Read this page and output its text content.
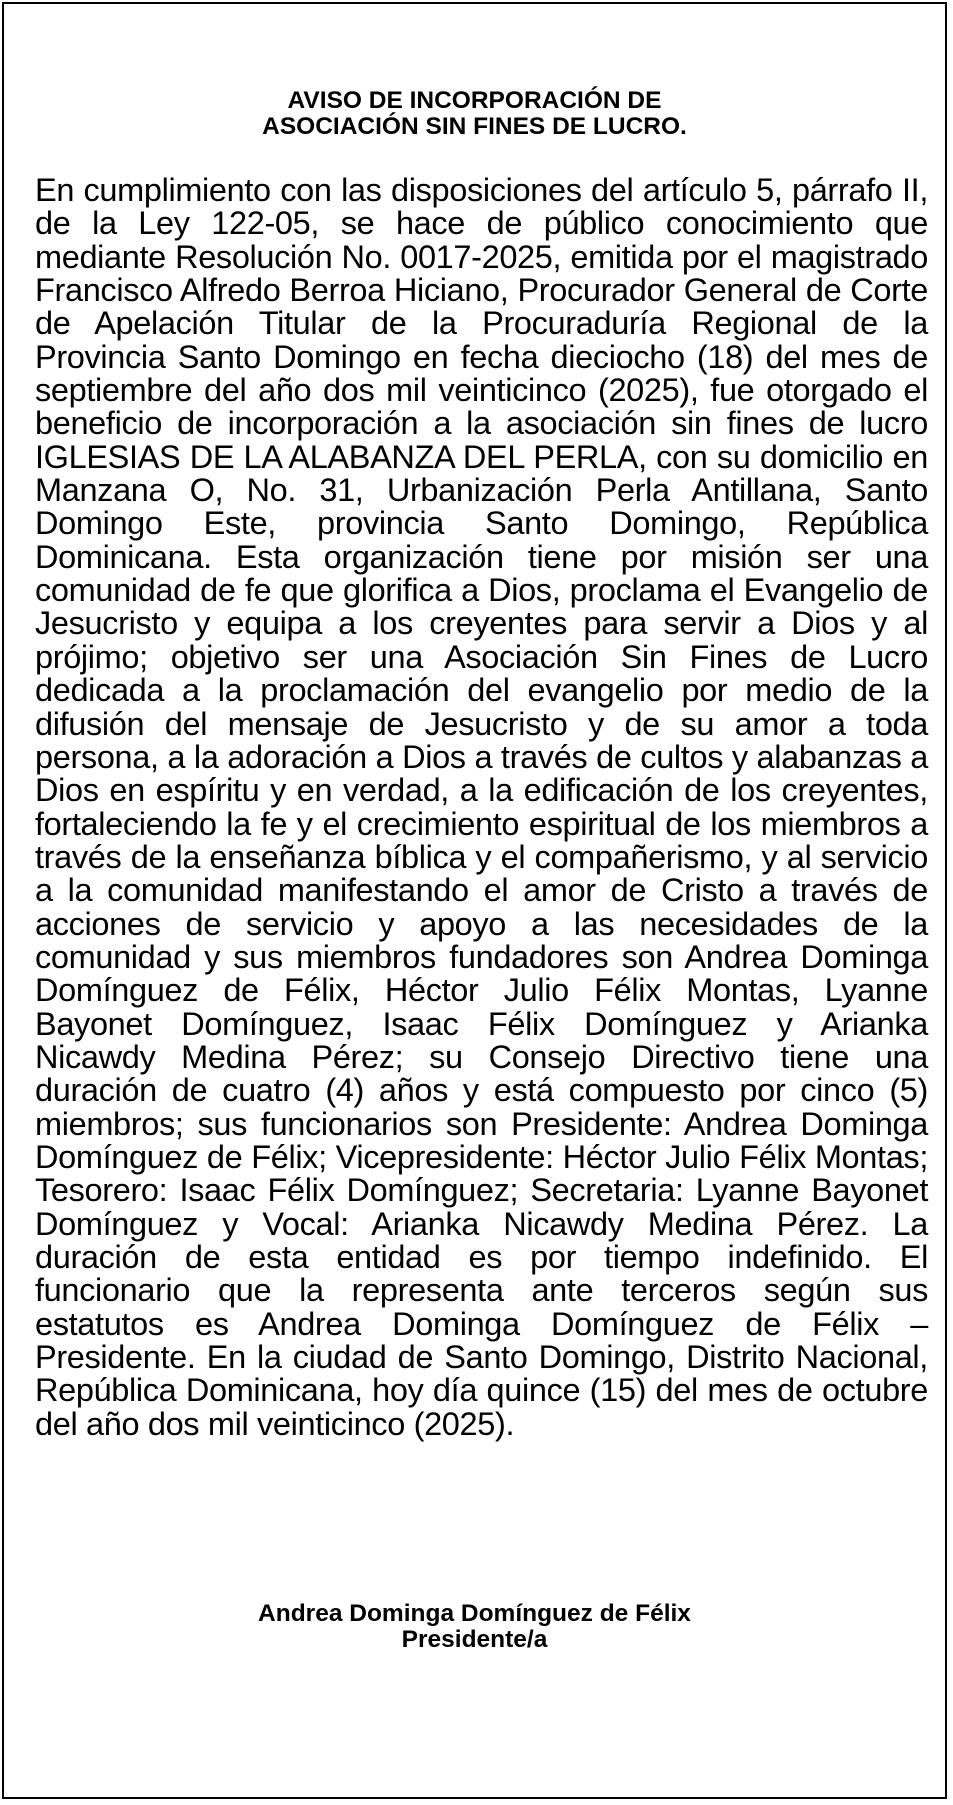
AVISO DE INCORPORACIÓN DE
ASOCIACIÓN SIN FINES DE LUCRO.

En cumplimiento con las disposiciones del artículo 5, párrafo II, de la Ley 122-05, se hace de público conocimiento que mediante Resolución No. 0017-2025, emitida por el magistrado Francisco Alfredo Berroa Hiciano, Procurador General de Corte de Apelación Titular de la Procuraduría Regional de la Provincia Santo Domingo en fecha dieciocho (18) del mes de septiembre del año dos mil veinticinco (2025), fue otorgado el beneficio de incorporación a la asociación sin fines de lucro IGLESIAS DE LA ALABANZA DEL PERLA, con su domicilio en Manzana O, No. 31, Urbanización Perla Antillana, Santo Domingo Este, provincia Santo Domingo, República Dominicana. Esta organización tiene por misión ser una comunidad de fe que glorifica a Dios, proclama el Evangelio de Jesucristo y equipa a los creyentes para servir a Dios y al prójimo; objetivo ser una Asociación Sin Fines de Lucro dedicada a la proclamación del evangelio por medio de la difusión del mensaje de Jesucristo y de su amor a toda persona, a la adoración a Dios a través de cultos y alabanzas a Dios en espíritu y en verdad, a la edificación de los creyentes, fortaleciendo la fe y el crecimiento espiritual de los miembros a través de la enseñanza bíblica y el compañerismo, y al servicio a la comunidad manifestando el amor de Cristo a través de acciones de servicio y apoyo a las necesidades de la comunidad y sus miembros fundadores son Andrea Dominga Domínguez de Félix, Héctor Julio Félix Montas, Lyanne Bayonet Domínguez, Isaac Félix Domínguez y Arianka Nicawdy Medina Pérez; su Consejo Directivo tiene una duración de cuatro (4) años y está compuesto por cinco (5) miembros; sus funcionarios son Presidente: Andrea Dominga Domínguez de Félix; Vicepresidente: Héctor Julio Félix Montas; Tesorero: Isaac Félix Domínguez; Secretaria: Lyanne Bayonet Domínguez y Vocal: Arianka Nicawdy Medina Pérez. La duración de esta entidad es por tiempo indefinido. El funcionario que la representa ante terceros según sus estatutos es Andrea Dominga Domínguez de Félix – Presidente. En la ciudad de Santo Domingo, Distrito Nacional, República Dominicana, hoy día quince (15) del mes de octubre del año dos mil veinticinco (2025).

Andrea Dominga Domínguez de Félix
Presidente/a
